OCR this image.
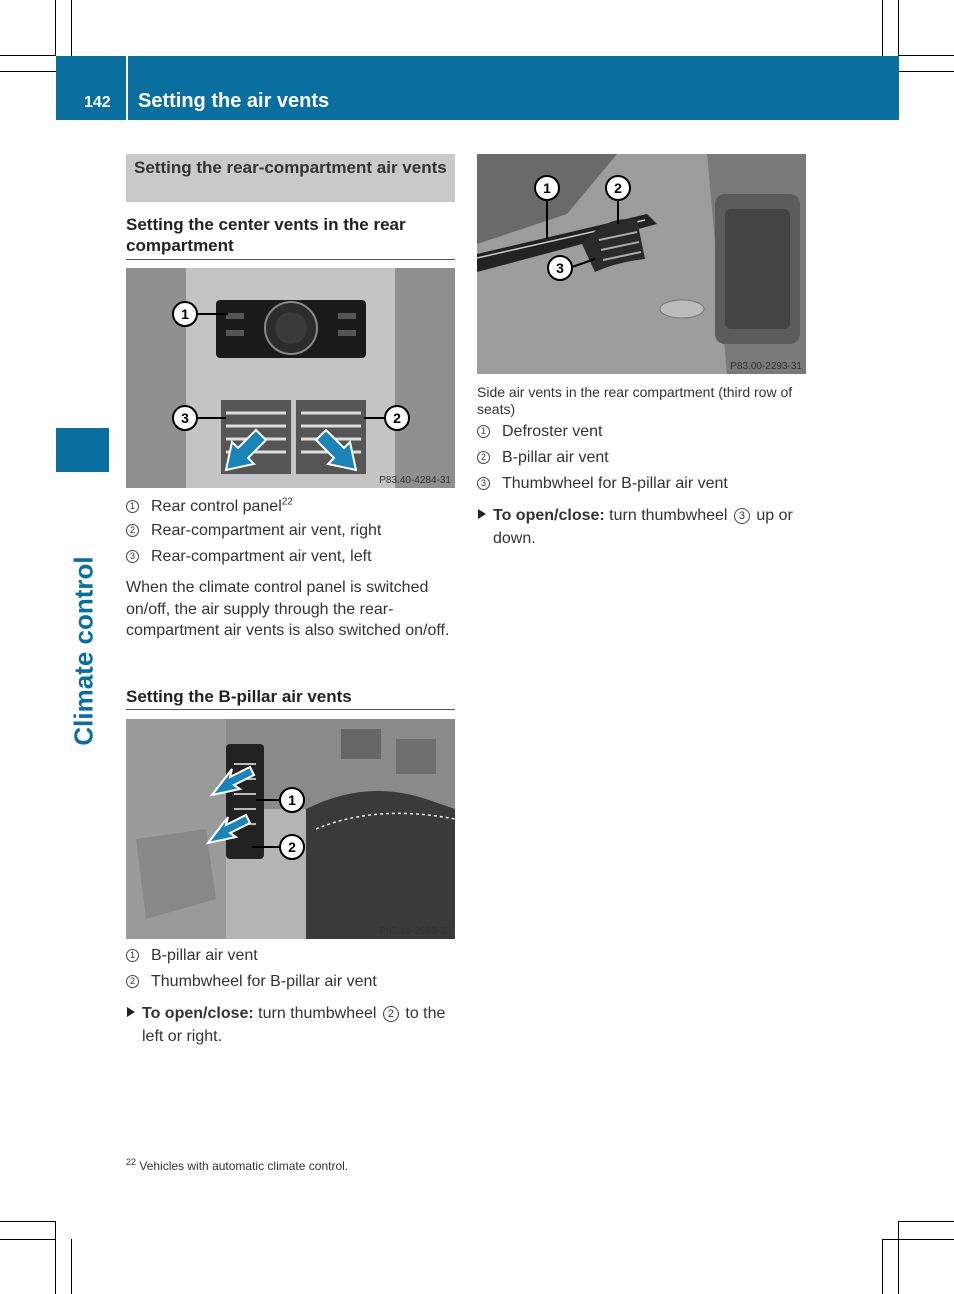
142 Setting the air vents
Climate control
Setting the rear-compartment air vents
Setting the center vents in the rear compartment
1
2
3
P83.40-4284-31
1 Rear control panel$^{22}$
2 Rear-compartment air vent, right
3 Rear-compartment air vent, left
When the climate control panel is switched on/off, the air supply through the rear-compartment air vents is also switched on/off.
Setting the B-pillar air vents
1
2
P83.10-2683-31
1 B-pillar air vent
2 Thumbwheel for B-pillar air vent
To open/close: turn thumbwheel 2 to the left or right.
1	2
3
P83.00-2293-31
Side air vents in the rear compartment (third row of seats)
1 Defroster vent
2 B-pillar air vent
3 Thumbwheel for B-pillar air vent
To open/close: turn thumbwheel 3 up or down.
$^{22}$ Vehicles with automatic climate control.
